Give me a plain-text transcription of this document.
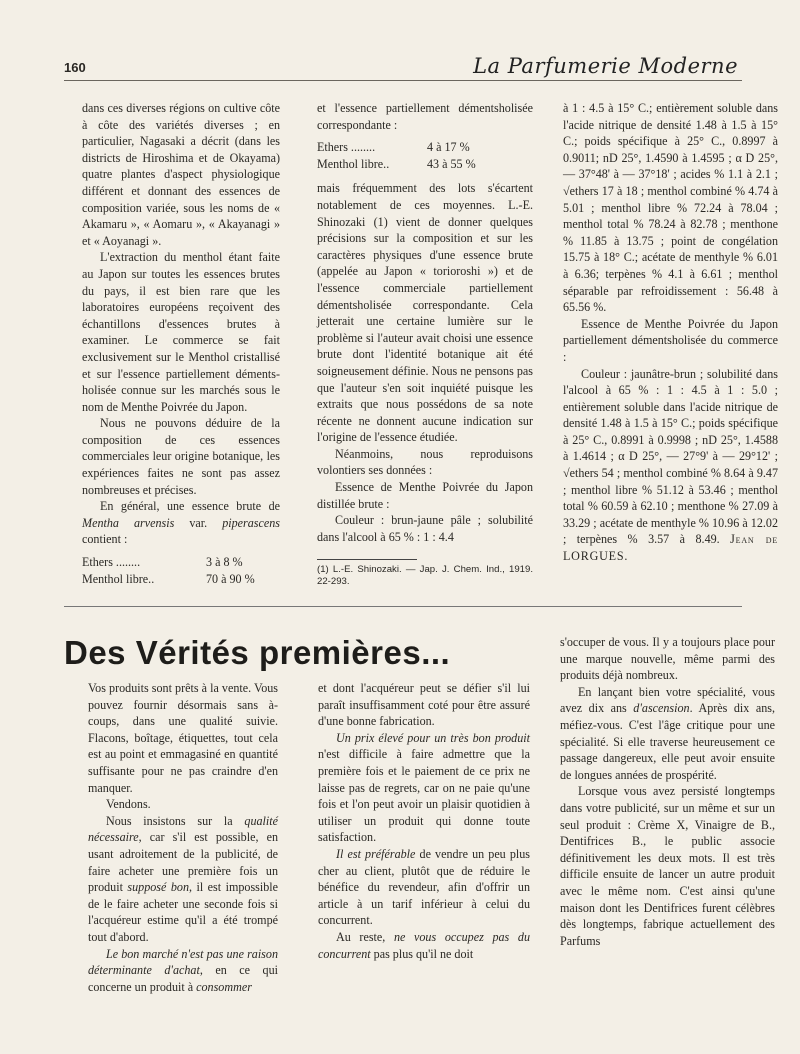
160	La Parfumerie Moderne

dans ces diverses régions on cultive côte à côte des variétés diverses ; en particulier, Nagasaki a décrit (dans les districts de Hiroshima et de Okayama) quatre plantes d'aspect physiologique différent et donnant des essences de composition variée, sous les noms de « Akamaru », « Aomaru », « Akayanagi » et « Aoyanagi ».

L'extraction du menthol étant faite au Japon sur toutes les essences brutes du pays, il est bien rare que les laboratoires européens reçoivent des échantillons d'essences brutes à examiner. Le commerce se fait exclusivement sur le Menthol cristallisé et sur l'essence partiellement démentsholisée connue sur les marchés sous le nom de Menthe Poivrée du Japon.

Nous ne pouvons déduire de la composition de ces essences commerciales leur origine botanique, les expériences faites ne sont pas assez nombreuses et précises.

En général, une essence brute de Mentha arvensis var. piperascens contient :

Ethers ........	3 à 8 %
Menthol libre..	70 à 90 %

et l'essence partiellement démentsholisée correspondante :

Ethers ........	4 à 17 %
Menthol libre..	43 à 55 %

mais fréquemment des lots s'écartent notablement de ces moyennes. L.-E. Shinozaki (1) vient de donner quelques précisions sur la composition et sur les caractères physiques d'une essence brute (appelée au Japon « torioroshi ») et de l'essence commerciale partiellement démentsholisée correspondante. Cela jetterait une certaine lumière sur le problème si l'auteur avait choisi une essence brute dont l'identité botanique ait été soigneusement définie. Nous ne pensons pas que l'auteur s'en soit inquiété puisque les extraits que nous possédons de sa note récente ne donnent aucune indication sur l'origine de l'essence étudiée.

Néanmoins, nous reproduisons volontiers ses données :

Essence de Menthe Poivrée du Japon distillée brute :

Couleur : brun-jaune pâle ; solubilité dans l'alcool à 65 % : 1 : 4.4

(1) L.-E. Shinozaki. — Jap. J. Chem. Ind., 1919. 22-293.

à 1 : 4.5 à 15° C.; entièrement soluble dans l'acide nitrique de densité 1.48 à 1.5 à 15° C.; poids spécifique à 25° C., 0.8997 à 0.9011; nD 25°, 1.4590 à 1.4595 ; α D 25°, — 37°48' à — 37°18' ; acides % 1.1 à 2.1 ; √ethers 17 à 18 ; menthol combiné % 4.74 à 5.01 ; menthol libre % 72.24 à 78.04 ; menthol total % 78.24 à 82.78 ; menthone % 11.85 à 13.75 ; point de congélation 15.75 à 18° C.; acétate de menthyle % 6.01 à 6.36; terpènes % 4.1 à 6.61 ; menthol séparable par refroidissement : 56.48 à 65.56 %.

Essence de Menthe Poivrée du Japon partiellement démentsholisée du commerce :

Couleur : jaunâtre-brun ; solubilité dans l'alcool à 65 % : 1 : 4.5 à 1 : 5.0 ; entièrement soluble dans l'acide nitrique de densité 1.48 à 1.5 à 15° C.; poids spécifique à 25° C., 0.8991 à 0.9998 ; nD 25°, 1.4588 à 1.4614 ; α D 25°, — 27°9' à — 29°12' ; √ethers 54 ; menthol combiné % 8.64 à 9.47 ; menthol libre % 51.12 à 53.46 ; menthol total % 60.59 à 62.10 ; menthone % 27.09 à 33.29 ; acétate de menthyle % 10.96 à 12.02 ; terpènes % 3.57 à 8.49. Jean de LORGUES.

Des Vérités premières...

Vos produits sont prêts à la vente. Vous pouvez fournir désormais sans à-coups, dans une qualité suivie. Flacons, boîtage, étiquettes, tout cela est au point et emmagasiné en quantité suffisante pour ne pas craindre d'en manquer.

Vendons.

Nous insistons sur la qualité nécessaire, car s'il est possible, en usant adroitement de la publicité, de faire acheter une première fois un produit supposé bon, il est impossible de le faire acheter une seconde fois si l'acquéreur estime qu'il a été trompé tout d'abord.

Le bon marché n'est pas une raison déterminante d'achat, en ce qui concerne un produit à consommer

et dont l'acquéreur peut se défier s'il lui paraît insuffisamment coté pour être assuré d'une bonne fabrication.

Un prix élevé pour un très bon produit n'est difficile à faire admettre que la première fois et le paiement de ce prix ne laisse pas de regrets, car on ne paie qu'une fois et l'on peut avoir un plaisir quotidien à utiliser un produit qui donne toute satisfaction.

Il est préférable de vendre un peu plus cher au client, plutôt que de réduire le bénéfice du revendeur, afin d'offrir un article à un tarif inférieur à celui du concurrent.

Au reste, ne vous occupez pas du concurrent pas plus qu'il ne doit

s'occuper de vous. Il y a toujours place pour une marque nouvelle, même parmi des produits déjà nombreux.

En lançant bien votre spécialité, vous avez dix ans d'ascension. Après dix ans, méfiez-vous. C'est l'âge critique pour une spécialité. Si elle traverse heureusement ce passage dangereux, elle peut avoir ensuite de longues années de prospérité.

Lorsque vous avez persisté longtemps dans votre publicité, sur un même et sur un seul produit : Crème X, Vinaigre de B., Dentifrices B., le public associe définitivement les deux mots. Il est très difficile ensuite de lancer un autre produit avec le même nom. C'est ainsi qu'une maison dont les Dentifrices furent célèbres dès longtemps, fabrique actuellement des Parfums
